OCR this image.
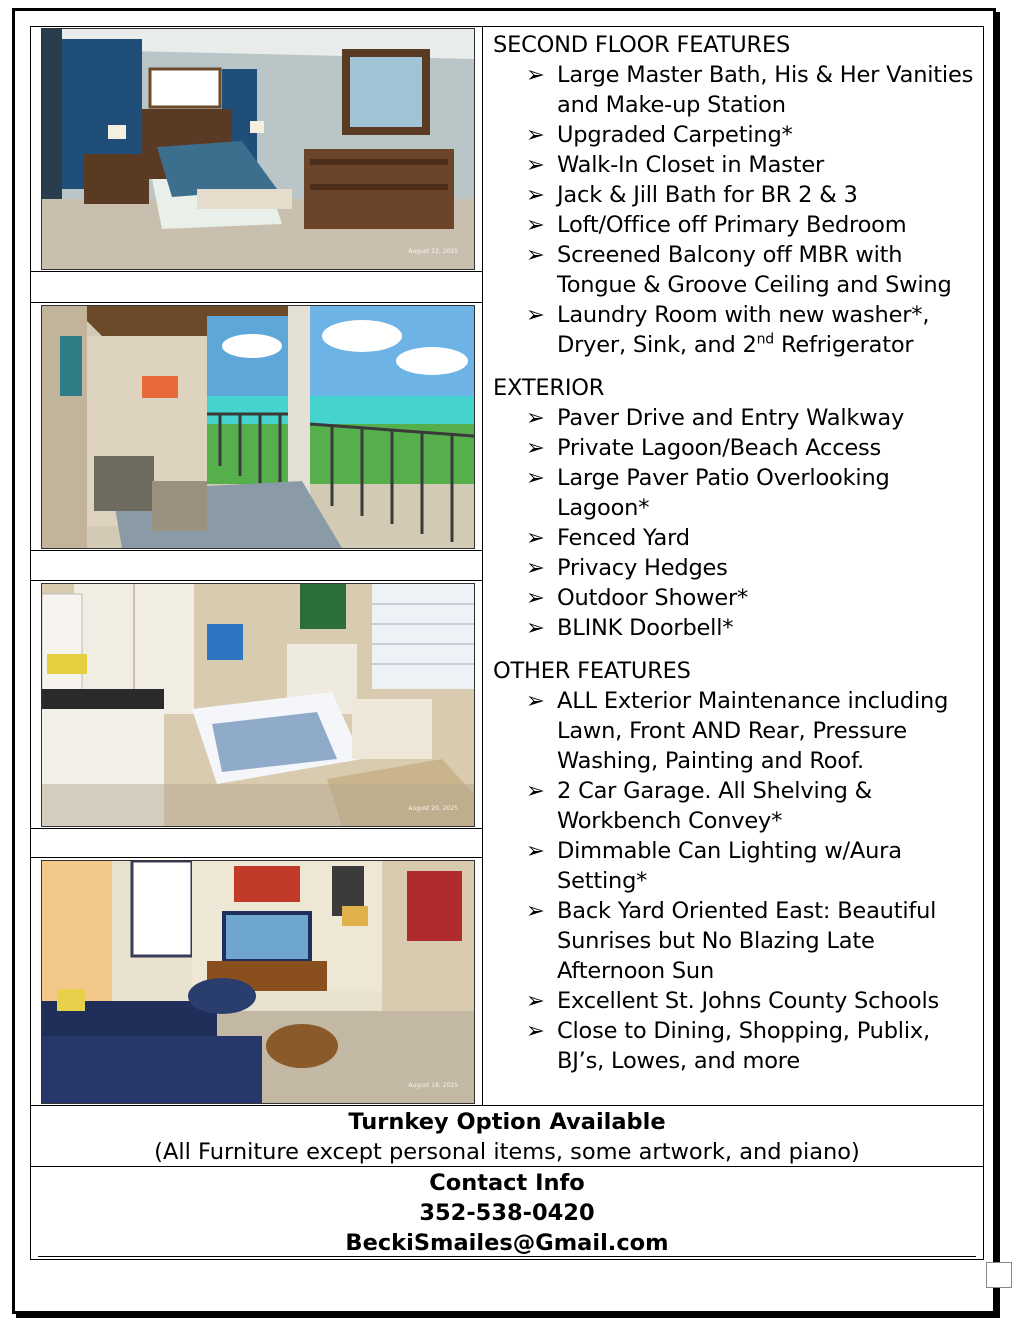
August 22, 2025
August 20, 2025
August 19, 2025
SECOND FLOOR FEATURES
➢ Large Master Bath, His & Her Vanities and Make-up Station
➢ Upgraded Carpeting*
➢ Walk-In Closet in Master
➢ Jack & Jill Bath for BR 2 & 3
➢ Loft/Office off Primary Bedroom
➢ Screened Balcony off MBR with Tongue & Groove Ceiling and Swing
➢ Laundry Room with new washer*, Dryer, Sink, and 2nd Refrigerator
EXTERIOR
➢ Paver Drive and Entry Walkway
➢ Private Lagoon/Beach Access
➢ Large Paver Patio Overlooking Lagoon*
➢ Fenced Yard
➢ Privacy Hedges
➢ Outdoor Shower*
➢ BLINK Doorbell*
OTHER FEATURES
➢ ALL Exterior Maintenance including Lawn, Front AND Rear, Pressure Washing, Painting and Roof.
➢ 2 Car Garage. All Shelving & Workbench Convey*
➢ Dimmable Can Lighting w/Aura Setting*
➢ Back Yard Oriented East: Beautiful Sunrises but No Blazing Late Afternoon Sun
➢ Excellent St. Johns County Schools
➢ Close to Dining, Shopping, Publix, BJ’s, Lowes, and more
Turnkey Option Available
(All Furniture except personal items, some artwork, and piano)
Contact Info
352-538-0420
BeckiSmailes@Gmail.com
